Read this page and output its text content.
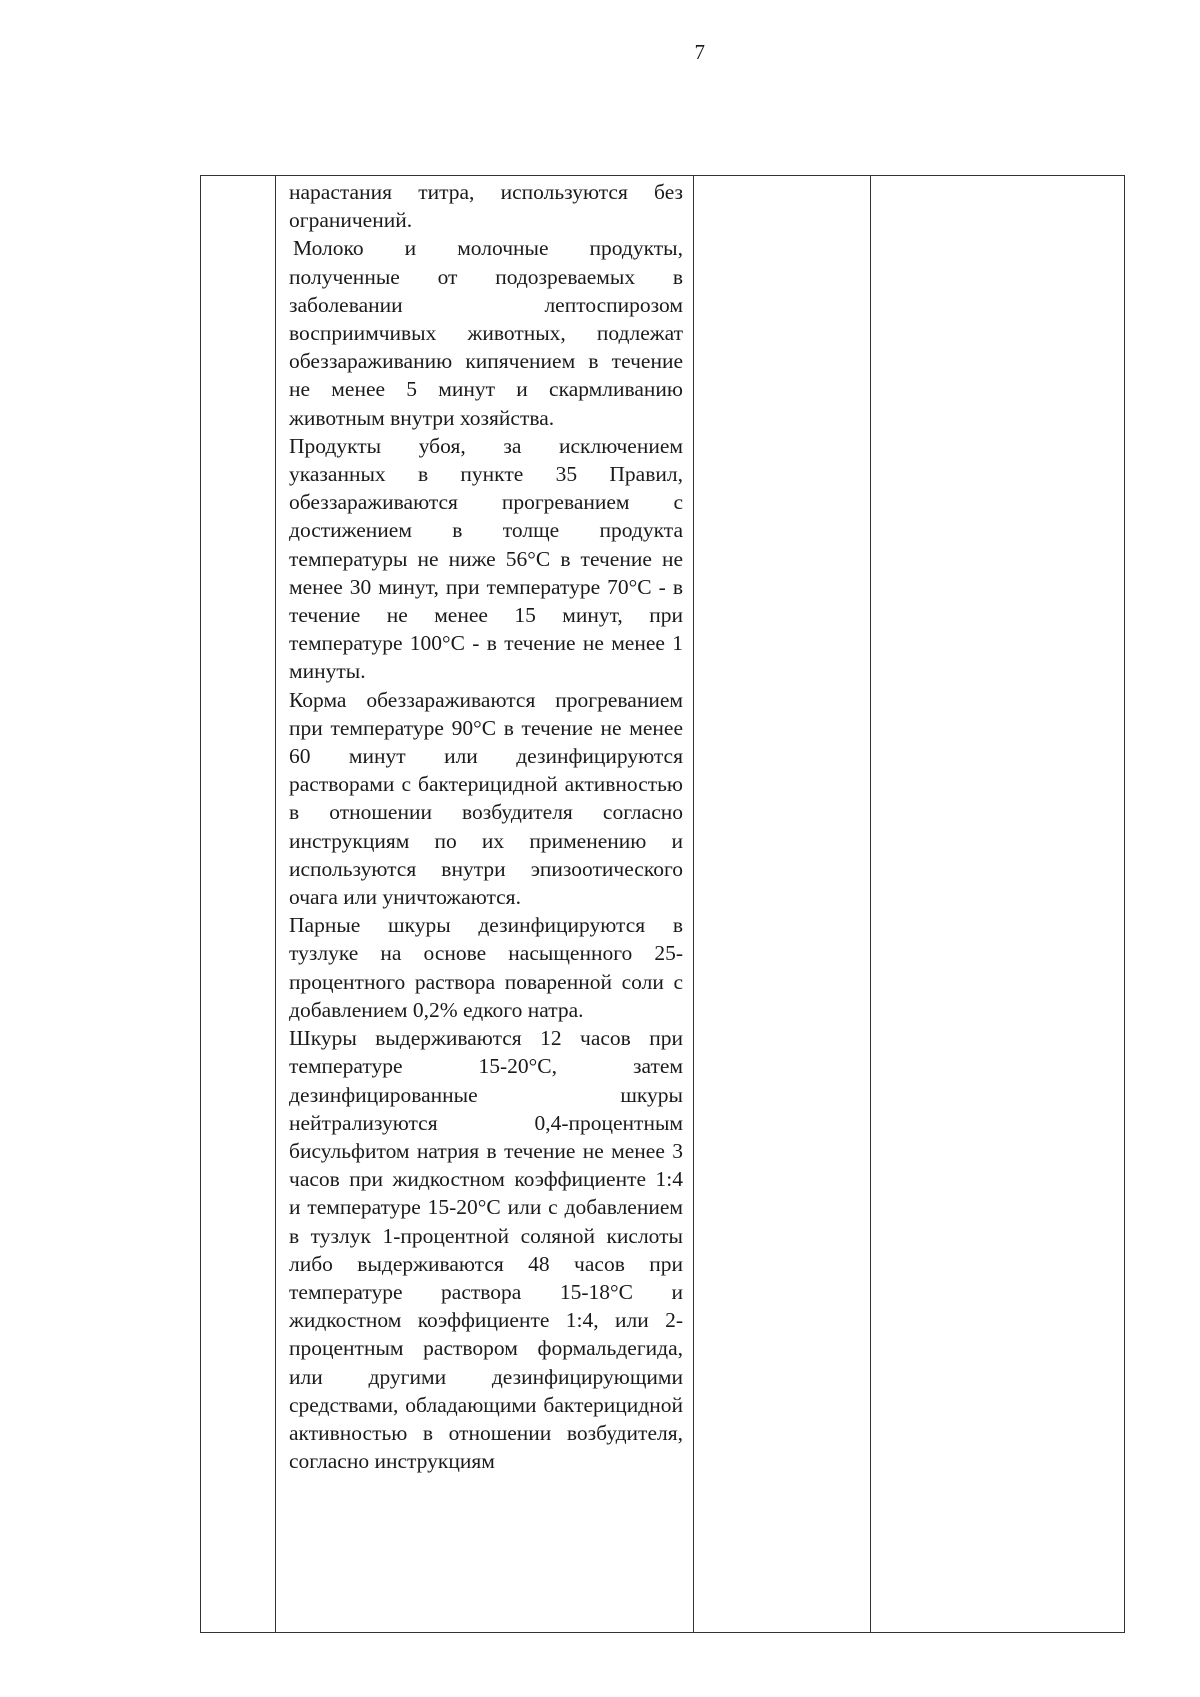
7

нарастания титра, используются без ограничений.

Молоко и молочные продукты, полученные от подозреваемых в заболевании лептоспирозом восприимчивых животных, подлежат обеззараживанию кипячением в течение не менее 5 минут и скармливанию животным внутри хозяйства.

Продукты убоя, за исключением указанных в пункте 35 Правил, обеззараживаются прогреванием с достижением в толще продукта температуры не ниже 56°С в течение не менее 30 минут, при температуре 70°С - в течение не менее 15 минут, при температуре 100°С - в течение не менее 1 минуты.

Корма обеззараживаются прогреванием при температуре 90°С в течение не менее 60 минут или дезинфицируются растворами с бактерицидной активностью в отношении возбудителя согласно инструкциям по их применению и используются внутри эпизоотического очага или уничтожаются.

Парные шкуры дезинфицируются в тузлуке на основе насыщенного 25-процентного раствора поваренной соли с добавлением 0,2% едкого натра.

Шкуры выдерживаются 12 часов при температуре 15-20°С, затем дезинфицированные шкуры нейтрализуются 0,4-процентным бисульфитом натрия в течение не менее 3 часов при жидкостном коэффициенте 1:4 и температуре 15-20°С или с добавлением в тузлук 1-процентной соляной кислоты либо выдерживаются 48 часов при температуре раствора 15-18°С и жидкостном коэффициенте 1:4, или 2-процентным раствором формальдегида, или другими дезинфицирующими средствами, обладающими бактерицидной активностью в отношении возбудителя, согласно инструкциям
